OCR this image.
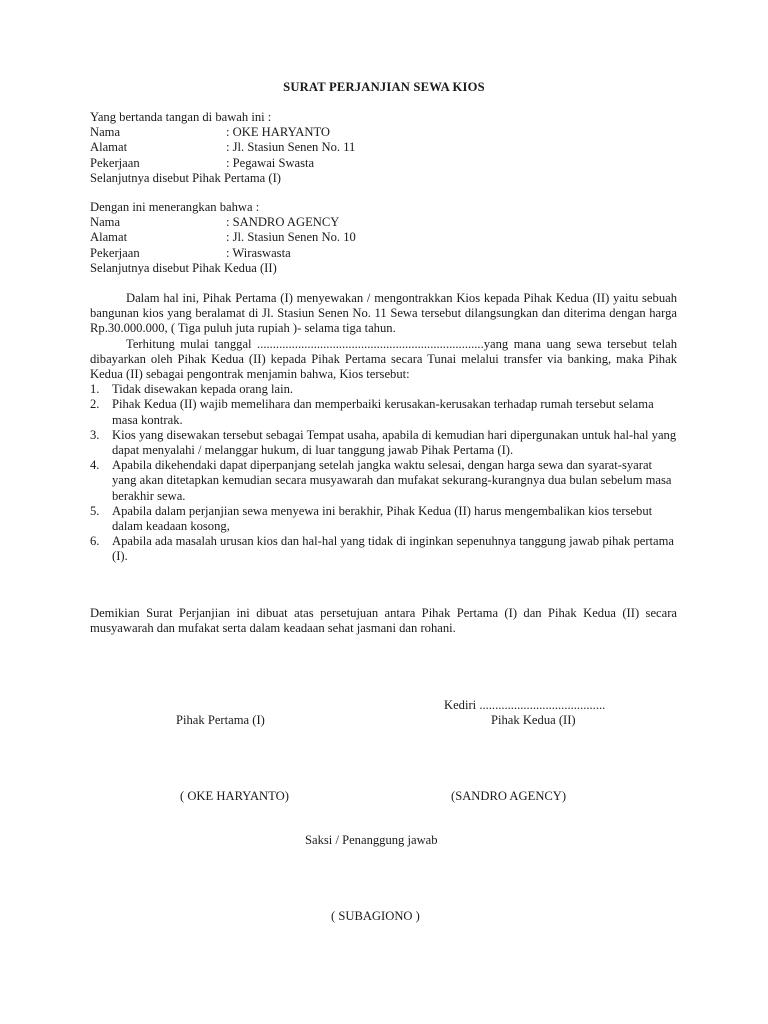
SURAT PERJANJIAN SEWA KIOS
Yang bertanda tangan di bawah ini :
Nama	: OKE HARYANTO
Alamat	: Jl. Stasiun Senen No. 11
Pekerjaan	: Pegawai Swasta
Selanjutnya disebut Pihak Pertama (I)
Dengan ini menerangkan bahwa :
Nama	: SANDRO AGENCY
Alamat	: Jl. Stasiun Senen No. 10
Pekerjaan	: Wiraswasta
Selanjutnya disebut Pihak Kedua (II)
Dalam hal ini, Pihak Pertama (I) menyewakan / mengontrakkan Kios kepada Pihak Kedua (II) yaitu sebuah bangunan kios yang beralamat di Jl. Stasiun Senen No. 11 Sewa tersebut dilangsungkan dan diterima dengan harga Rp.30.000.000, ( Tiga puluh juta rupiah )- selama tiga tahun.
Terhitung mulai tanggal ........................................................................yang mana uang sewa tersebut telah dibayarkan oleh Pihak Kedua (II) kepada Pihak Pertama secara Tunai melalui transfer via banking, maka Pihak Kedua (II) sebagai pengontrak menjamin bahwa, Kios tersebut:
1. Tidak disewakan kepada orang lain.
2. Pihak Kedua (II) wajib memelihara dan memperbaiki kerusakan-kerusakan terhadap rumah tersebut selama masa kontrak.
3. Kios yang disewakan tersebut sebagai Tempat usaha, apabila di kemudian hari dipergunakan untuk hal-hal yang dapat menyalahi / melanggar hukum, di luar tanggung jawab Pihak Pertama (I).
4. Apabila dikehendaki dapat diperpanjang setelah jangka waktu selesai, dengan harga sewa dan syarat-syarat yang akan ditetapkan kemudian secara musyawarah dan mufakat sekurang-kurangnya dua bulan sebelum masa berakhir sewa.
5. Apabila dalam perjanjian sewa menyewa ini berakhir, Pihak Kedua (II) harus mengembalikan kios tersebut dalam keadaan kosong,
6. Apabila ada masalah urusan kios dan hal-hal yang tidak di inginkan sepenuhnya tanggung jawab pihak pertama (I).
Demikian Surat Perjanjian ini dibuat atas persetujuan antara Pihak Pertama (I) dan Pihak Kedua (II) secara musyawarah dan mufakat serta dalam keadaan sehat jasmani dan rohani.
Kediri ........................................
Pihak Pertama (I)	Pihak Kedua (II)
( OKE HARYANTO)	(SANDRO AGENCY)
Saksi / Penanggung jawab
( SUBAGIONO )
